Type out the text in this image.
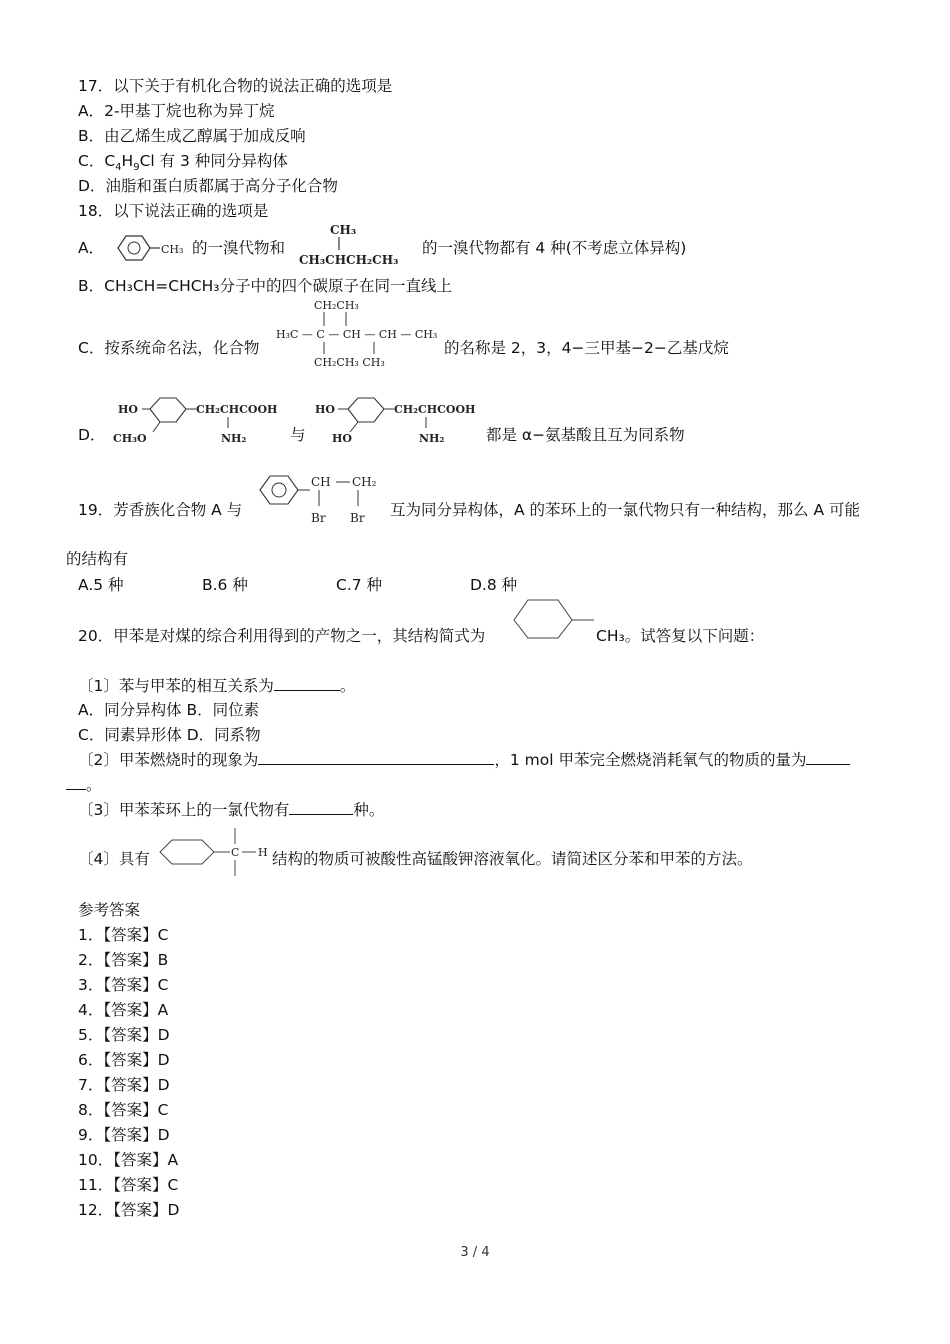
17．以下关于有机化合物的说法正确的选项是
A．2-甲基丁烷也称为异丁烷
B．由乙烯生成乙醇属于加成反响
C．$C_4H_9Cl$ 有 3 种同分异构体
D．油脂和蛋白质都属于高分子化合物
18．以下说法正确的选项是
A．	CH₃ 的一溴代物和
CH₃
CH₃CHCH₂CH₃
的一溴代物都有 4 种(不考虑立体异构)
B．CH₃CH=CHCH₃分子中的四个碳原子在同一直线上
C．按系统命名法，化合物
CH₂CH₃
H₃C — C — CH — CH — CH₃
CH₂CH₃ CH₃
的名称是 2，3，4−三甲基−2−乙基戊烷
D．
HO	CH₂CHCOOH
NH₂
CH₃O	与
HO	CH₂CHCOOH
NH₂
HO	都是 α−氨基酸且互为同系物
19．芳香族化合物 A 与
CH CH₂
Br Br 互为同分异构体，A 的苯环上的一氯代物只有一种结构，那么 A 可能
的结构有
A.5 种	B.6 种	C.7 种	D.8 种
20．甲苯是对煤的综合利用得到的产物之一，其结构简式为	CH₃。试答复以下问题：
〔1〕苯与甲苯的相互关系为	。
A．同分异构体 B．同位素
C．同素异形体 D．同系物
〔2〕甲苯燃烧时的现象为	，1 mol 甲苯完全燃烧消耗氧气的物质的量为
。
〔3〕甲苯苯环上的一氯代物有	种。
〔4〕具有	C H 结构的物质可被酸性高锰酸钾溶液氧化。请简述区分苯和甲苯的方法。
参考答案
1．【答案】C
2．【答案】B
3．【答案】C
4．【答案】A
5．【答案】D
6．【答案】D
7．【答案】D
8．【答案】C
9．【答案】D
10．【答案】A
11．【答案】C
12．【答案】D
3 / 4
